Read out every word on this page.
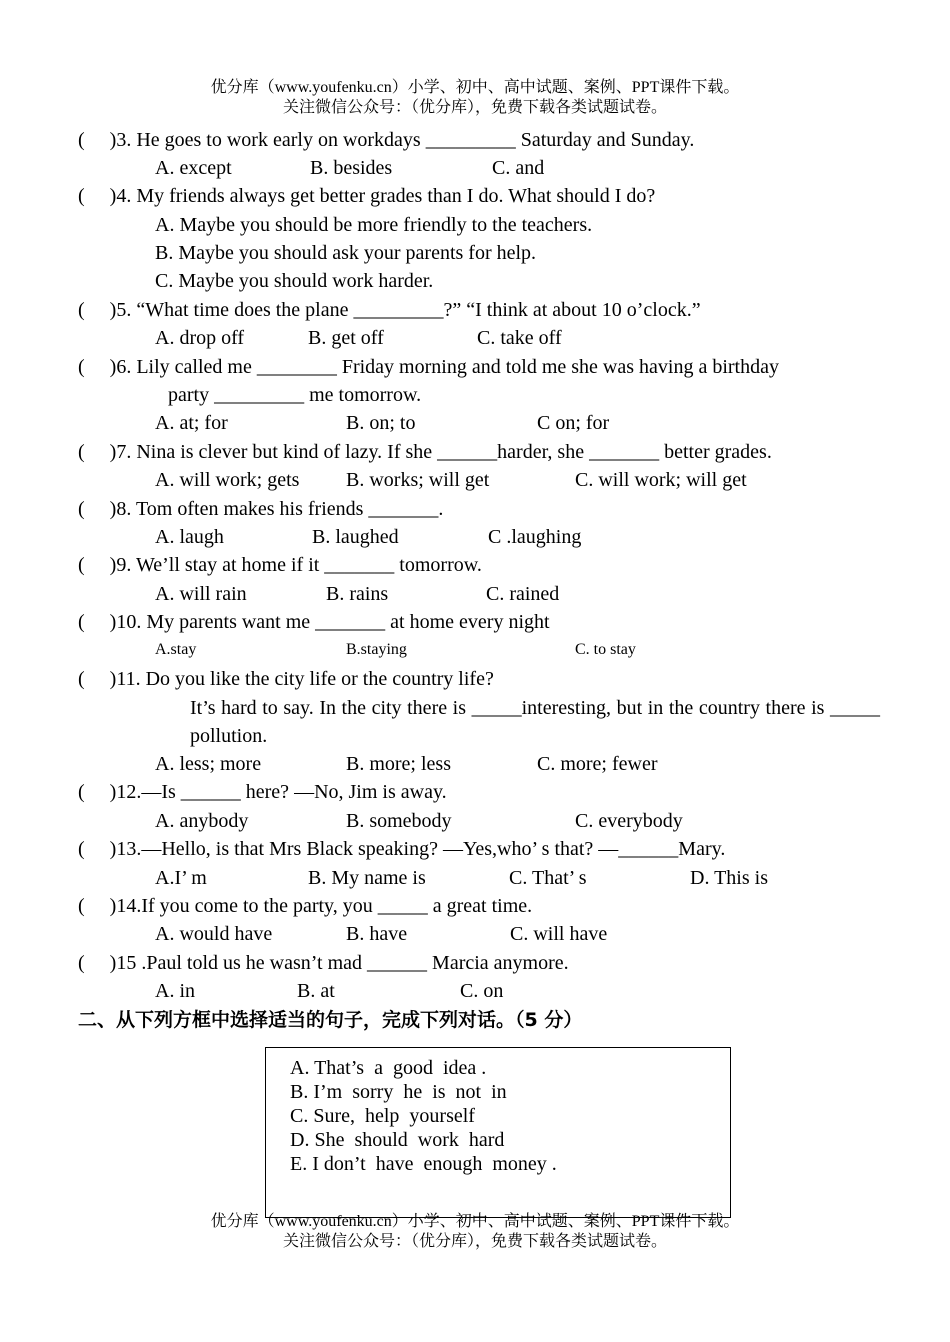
优分库（www.youfenku.cn）小学、初中、高中试题、案例、PPT课件下载。
关注微信公众号：（优分库），免费下载各类试题试卷。
(     )3. He goes to work early on workdays _________ Saturday and Sunday.
A. except	B. besides	C. and
(     )4. My friends always get better grades than I do. What should I do?
A. Maybe you should be more friendly to the teachers.
B. Maybe you should ask your parents for help.
C. Maybe you should work harder.
(     )5. “What time does the plane _________?” “I think at about 10 o’clock.”
A. drop off	B. get off	C. take off
(     )6. Lily called me ________ Friday morning and told me she was having a birthday
party _________ me tomorrow.
A. at; for	B. on; to	C on; for
(     )7. Nina is clever but kind of lazy. If she ______harder, she _______ better grades.
A. will work; gets B. works; will get	C. will work; will get
(     )8. Tom often makes his friends _______.
A. laugh	B. laughed	C .laughing
(     )9. We’ll stay at home if it _______ tomorrow.
A. will rain	B. rains	C. rained
(     )10. My parents want me _______ at home every night
A.stay	B.staying	C. to stay
(     )11. Do you like the city life or the country life?
It’s hard to say. In the city there is _____interesting, but in the country there is _____ pollution.
A. less; more	B. more; less	C. more; fewer
(     )12.—Is ______ here? —No, Jim is away.
A. anybody	B. somebody	C. everybody
(     )13.—Hello, is that Mrs Black speaking? —Yes,who’ s that? —______Mary.
A.I’ m	B. My name is	C. That’ s	D. This is
(     )14.If you come to the party, you _____ a great time.
A. would have	B. have	C. will have
(     )15 .Paul told us he wasn’t mad ______ Marcia anymore.
A. in	B. at	C. on
二、从下列方框中选择适当的句子，完成下列对话。（5 分）
A. That’s  a  good  idea .
B. I’m  sorry  he  is  not  in
C. Sure,  help  yourself
D. She  should  work  hard
E. I don’t  have  enough  money .
优分库（www.youfenku.cn）小学、初中、高中试题、案例、PPT课件下载。
关注微信公众号：（优分库），免费下载各类试题试卷。
